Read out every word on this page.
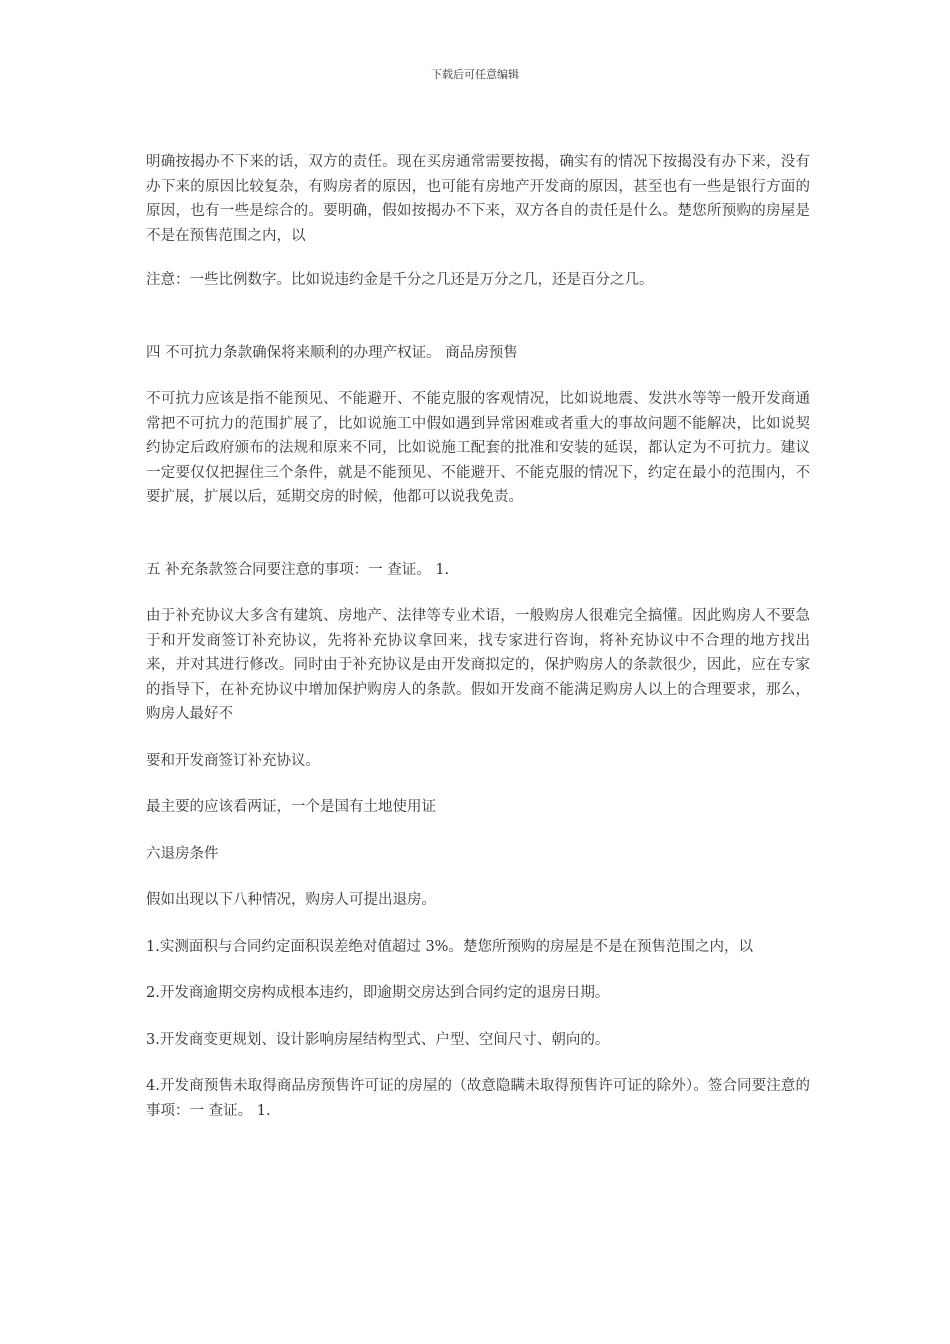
下载后可任意编辑

明确按揭办不下来的话，双方的责任。现在买房通常需要按揭，确实有的情况下按揭没有办下来，没有办下来的原因比较复杂，有购房者的原因，也可能有房地产开发商的原因，甚至也有一些是银行方面的原因，也有一些是综合的。要明确，假如按揭办不下来，双方各自的责任是什么。楚您所预购的房屋是不是在预售范围之内，以

注意：一些比例数字。比如说违约金是千分之几还是万分之几，还是百分之几。

四 不可抗力条款确保将来顺利的办理产权证。 商品房预售

不可抗力应该是指不能预见、不能避开、不能克服的客观情况，比如说地震、发洪水等等一般开发商通常把不可抗力的范围扩展了，比如说施工中假如遇到异常困难或者重大的事故问题不能解决，比如说契约协定后政府颁布的法规和原来不同，比如说施工配套的批准和安装的延误，都认定为不可抗力。建议一定要仅仅把握住三个条件，就是不能预见、不能避开、不能克服的情况下，约定在最小的范围内，不要扩展，扩展以后，延期交房的时候，他都可以说我免责。

五 补充条款签合同要注意的事项：一 查证。 1.

由于补充协议大多含有建筑、房地产、法律等专业术语，一般购房人很难完全搞懂。因此购房人不要急于和开发商签订补充协议，先将补充协议拿回来，找专家进行咨询，将补充协议中不合理的地方找出来，并对其进行修改。同时由于补充协议是由开发商拟定的，保护购房人的条款很少，因此，应在专家的指导下，在补充协议中增加保护购房人的条款。假如开发商不能满足购房人以上的合理要求，那么，购房人最好不

要和开发商签订补充协议。

最主要的应该看两证，一个是国有土地使用证

六退房条件

假如出现以下八种情况，购房人可提出退房。

1.实测面积与合同约定面积误差绝对值超过 3%。楚您所预购的房屋是不是在预售范围之内，以

2.开发商逾期交房构成根本违约，即逾期交房达到合同约定的退房日期。

3.开发商变更规划、设计影响房屋结构型式、户型、空间尺寸、朝向的。

4.开发商预售未取得商品房预售许可证的房屋的（故意隐瞒未取得预售许可证的除外）。签合同要注意的事项：一 查证。 1.
